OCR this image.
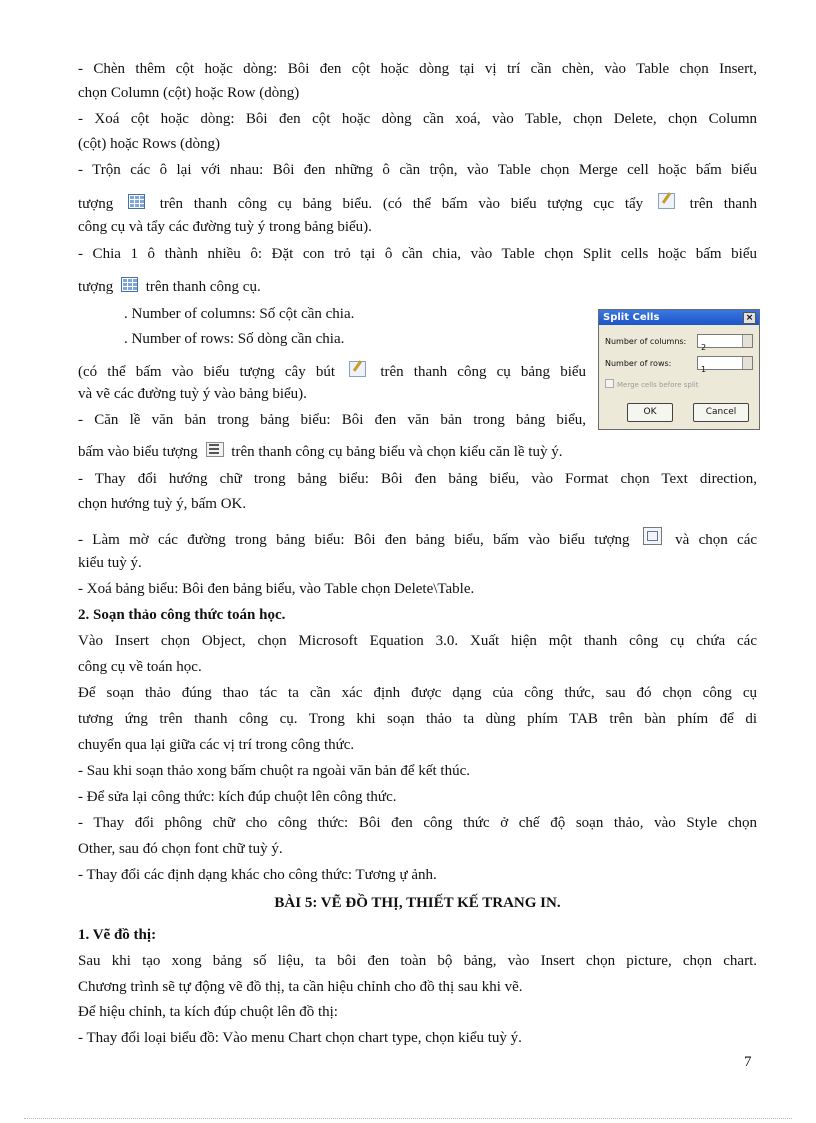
- Chèn thêm cột hoặc dòng: Bôi đen cột hoặc dòng tại vị trí cần chèn, vào Table chọn Insert,
chọn Column (cột) hoặc Row (dòng)
- Xoá cột hoặc dòng: Bôi đen cột hoặc dòng cần xoá, vào Table, chọn Delete, chọn Column
(cột) hoặc Rows (dòng)
- Trộn các ô lại với nhau: Bôi đen những ô cần trộn, vào Table chọn Merge cell hoặc bấm biểu
tượng	trên thanh công cụ bảng biểu. (có thể bấm vào biểu tượng cục tẩy	trên thanh
công cụ và tẩy các đường tuỳ ý trong bảng biểu).
- Chia 1 ô thành nhiều ô: Đặt con trỏ tại ô cần chia, vào Table chọn Split cells hoặc bấm biểu
tượng trên thanh công cụ.
. Number of columns: Số cột cần chia.
. Number of rows: Số dòng cần chia.
(có thể bấm vào biểu tượng cây bút	trên thanh công cụ bảng biểu
và vẽ các đường tuỳ ý vào bảng biểu).
- Căn lề văn bản trong bảng biểu: Bôi đen văn bản trong bảng biểu,
bấm vào biểu tượng trên thanh công cụ bảng biểu và chọn kiểu căn lề tuỳ ý.
- Thay đổi hướng chữ trong bảng biểu: Bôi đen bảng biểu, vào Format chọn Text direction,
chọn hướng tuỳ ý, bấm OK.
- Làm mờ các đường trong bảng biểu: Bôi đen bảng biểu, bấm vào biểu tượng	và chọn các
kiểu tuỳ ý.
- Xoá bảng biểu: Bôi đen bảng biểu, vào Table chọn Delete\Table.
2. Soạn thảo công thức toán học.
Vào Insert chọn Object, chọn Microsoft Equation 3.0. Xuất hiện một thanh công cụ chứa các
công cụ về toán học.
Để soạn thảo đúng thao tác ta cần xác định được dạng của công thức, sau đó chọn công cụ
tương ứng trên thanh công cụ. Trong khi soạn thảo ta dùng phím TAB trên bàn phím để di
chuyển qua lại giữa các vị trí trong công thức.
- Sau khi soạn thảo xong bấm chuột ra ngoài văn bản để kết thúc.
- Để sửa lại công thức: kích đúp chuột lên công thức.
- Thay đổi phông chữ cho công thức: Bôi đen công thức ở chế độ soạn thảo, vào Style chọn
Other, sau đó chọn font chữ tuỳ ý.
- Thay đổi các định dạng khác cho công thức: Tương ự ảnh.
BÀI 5: VẼ ĐỒ THỊ, THIẾT KẾ TRANG IN.
1. Vẽ đồ thị:
Sau khi tạo xong bảng số liệu, ta bôi đen toàn bộ bảng, vào Insert chọn picture, chọn chart.
Chương trình sẽ tự động vẽ đồ thị, ta cần hiệu chỉnh cho đồ thị sau khi vẽ.
Để hiệu chỉnh, ta kích đúp chuột lên đồ thị:
- Thay đổi loại biểu đồ: Vào menu Chart chọn chart type, chọn kiểu tuỳ ý.
Split Cells	×
Number of columns:
2
Number of rows:
1
Merge cells before split
OK	Cancel
7
